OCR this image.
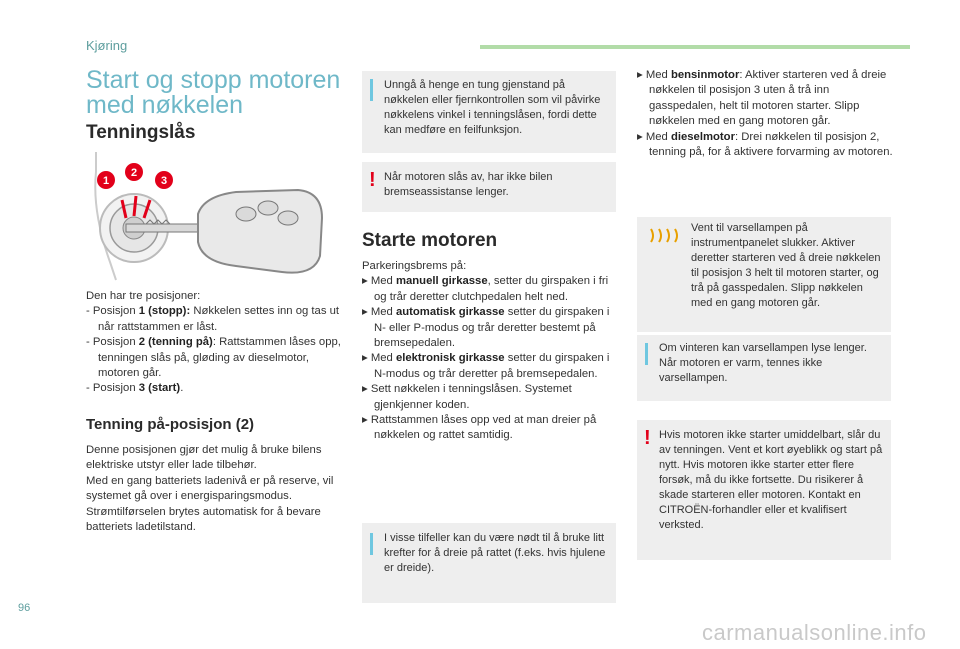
Kjøring
Start og stopp motoren
med nøkkelen
Tenningslås
1
2
3

Den har tre posisjoner:

- Posisjon 1 (stopp): Nøkkelen settes inn og tas ut når rattstammen er låst.

- Posisjon 2 (tenning på): Rattstammen låses opp, tenningen slås på, gløding av dieselmotor, motoren går.

- Posisjon 3 (start).

Tenning på-posisjon (2)

Denne posisjonen gjør det mulig å bruke bilens elektriske utstyr eller lade tilbehør.

Med en gang batteriets ladenivå er på reserve, vil systemet gå over i energisparingsmodus.

Strømtilførselen brytes automatisk for å bevare batteriets ladetilstand.

Unngå å henge en tung gjenstand på nøkkelen eller fjernkontrollen som vil påvirke nøkkelens vinkel i tenningslåsen, fordi dette kan medføre en feilfunksjon.
! Når motoren slås av, har ikke bilen bremseassistanse lenger.
Starte motoren

Parkeringsbrems på:

▸ Med manuell girkasse, setter du girspaken i fri og trår deretter clutchpedalen helt ned.

▸ Med automatisk girkasse setter du girspaken i N- eller P-modus og trår deretter bestemt på bremsepedalen.

▸ Med elektronisk girkasse setter du girspaken i N-modus og trår deretter på bremsepedalen.

▸ Sett nøkkelen i tenningslåsen. Systemet gjenkjenner koden.

▸ Rattstammen låses opp ved at man dreier på nøkkelen og rattet samtidig.

I visse tilfeller kan du være nødt til å bruke litt krefter for å dreie på rattet (f.eks. hvis hjulene er dreide).

▸ Med bensinmotor: Aktiver starteren ved å dreie nøkkelen til posisjon 3 uten å trå inn gasspedalen, helt til motoren starter. Slipp nøkkelen med en gang motoren går.

▸ Med dieselmotor: Drei nøkkelen til posisjon 2, tenning på, for å aktivere forvarming av motoren.

Vent til varsellampen på instrumentpanelet slukker. Aktiver deretter starteren ved å dreie nøkkelen til posisjon 3 helt til motoren starter, og trå på gasspedalen. Slipp nøkkelen med en gang motoren går.
Om vinteren kan varsellampen lyse lenger. Når motoren er varm, tennes ikke varsellampen.
! Hvis motoren ikke starter umiddelbart, slår du av tenningen. Vent et kort øyeblikk og start på nytt. Hvis motoren ikke starter etter flere forsøk, må du ikke fortsette. Du risikerer å skade starteren eller motoren. Kontakt en CITROËN-forhandler eller et kvalifisert verksted.
96
carmanualsonline.info
